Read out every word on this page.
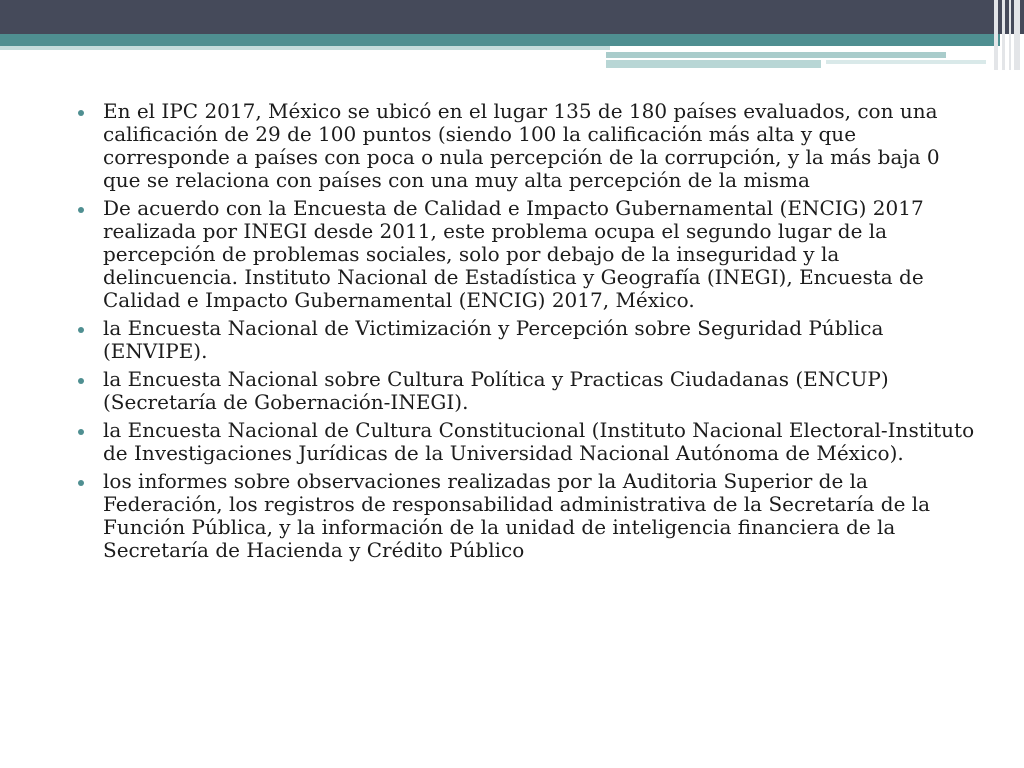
En el IPC 2017, México se ubicó en el lugar 135 de 180 países evaluados, con una calificación de 29 de 100 puntos (siendo 100 la calificación más alta y que corresponde a países con poca o nula percepción de la corrupción, y la más baja 0 que se relaciona con países con una muy alta percepción de la misma
De acuerdo con la Encuesta de Calidad e Impacto Gubernamental (ENCIG) 2017 realizada por INEGI desde 2011, este problema ocupa el segundo lugar de la percepción de problemas sociales, solo por debajo de la inseguridad y la delincuencia. Instituto Nacional de Estadística y Geografía (INEGI), Encuesta de Calidad e Impacto Gubernamental (ENCIG) 2017, México.
la Encuesta Nacional de Victimización y Percepción sobre Seguridad Pública (ENVIPE).
la Encuesta Nacional sobre Cultura Política y Practicas Ciudadanas (ENCUP) (Secretaría de Gobernación-INEGI).
la Encuesta Nacional de Cultura Constitucional (Instituto Nacional Electoral-Instituto de Investigaciones Jurídicas de la Universidad Nacional Autónoma de México).
los informes sobre observaciones realizadas por la Auditoria Superior de la Federación, los registros de responsabilidad administrativa de la Secretaría de la Función Pública, y la información de la unidad de inteligencia financiera de la Secretaría de Hacienda y Crédito Público
